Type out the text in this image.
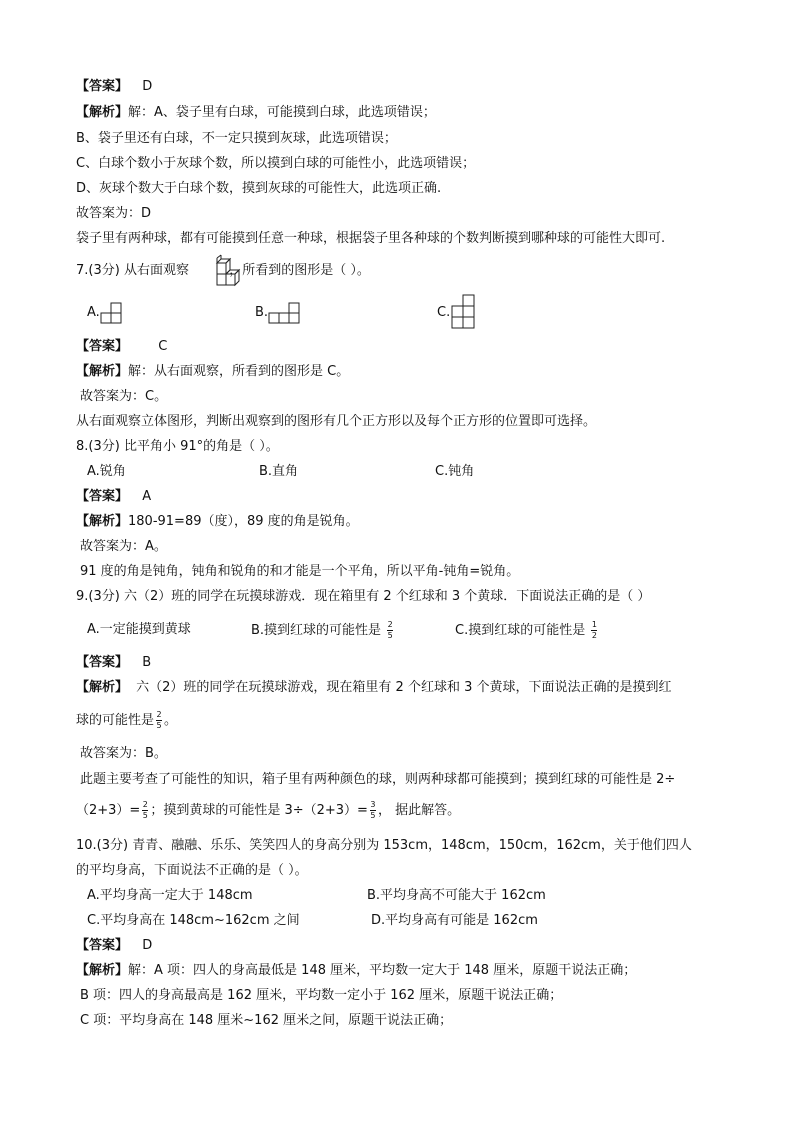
【答案】 D
【解析】解：A、袋子里有白球，可能摸到白球，此选项错误；
B、袋子里还有白球，不一定只摸到灰球，此选项错误；
C、白球个数小于灰球个数，所以摸到白球的可能性小，此选项错误；
D、灰球个数大于白球个数，摸到灰球的可能性大，此选项正确.
故答案为：D
袋子里有两种球，都有可能摸到任意一种球，根据袋子里各种球的个数判断摸到哪种球的可能性大即可.
7.(3分) 从右面观察	，所看到的图形是（ ）。
A.	B.	C.
【答案】 C
【解析】解：从右面观察，所看到的图形是 C。
故答案为：C。
从右面观察立体图形，判断出观察到的图形有几个正方形以及每个正方形的位置即可选择。
8.(3分) 比平角小 91°的角是（ ）。
A.锐角	B.直角	C.钝角
【答案】 A
【解析】180-91=89（度），89 度的角是锐角。
故答案为：A。
91 度的角是钝角，钝角和锐角的和才能是一个平角，所以平角-钝角=锐角。
9.(3分) 六（2）班的同学在玩摸球游戏．现在箱里有 2 个红球和 3 个黄球．下面说法正确的是（ ）
A.一定能摸到黄球	B.摸到红球的可能性是 $\frac{2}{5}$	C.摸到红球的可能性是 $\frac{1}{2}$
【答案】 B
【解析】 六（2）班的同学在玩摸球游戏，现在箱里有 2 个红球和 3 个黄球，下面说法正确的是摸到红
球的可能性是 $\frac{2}{5}$ 。
故答案为：B。
此题主要考查了可能性的知识，箱子里有两种颜色的球，则两种球都可能摸到；摸到红球的可能性是 2÷
$(2+3)= \frac{2}{5}$ ；摸到黄球的可能性是 $3\div(2+3)= \frac{3}{5}$ ， 据此解答。
10.(3分) 青青、融融、乐乐、笑笑四人的身高分别为 153cm，148cm，150cm，162cm，关于他们四人
的平均身高，下面说法不正确的是（ ）。
A.平均身高一定大于 148cm	B.平均身高不可能大于 162cm
C.平均身高在 148cm~162cm 之间	D.平均身高有可能是 162cm
【答案】 D
【解析】解：A 项：四人的身高最低是 148 厘米，平均数一定大于 148 厘米，原题干说法正确；
B 项：四人的身高最高是 162 厘米，平均数一定小于 162 厘米，原题干说法正确；
C 项：平均身高在 148 厘米~162 厘米之间，原题干说法正确；
